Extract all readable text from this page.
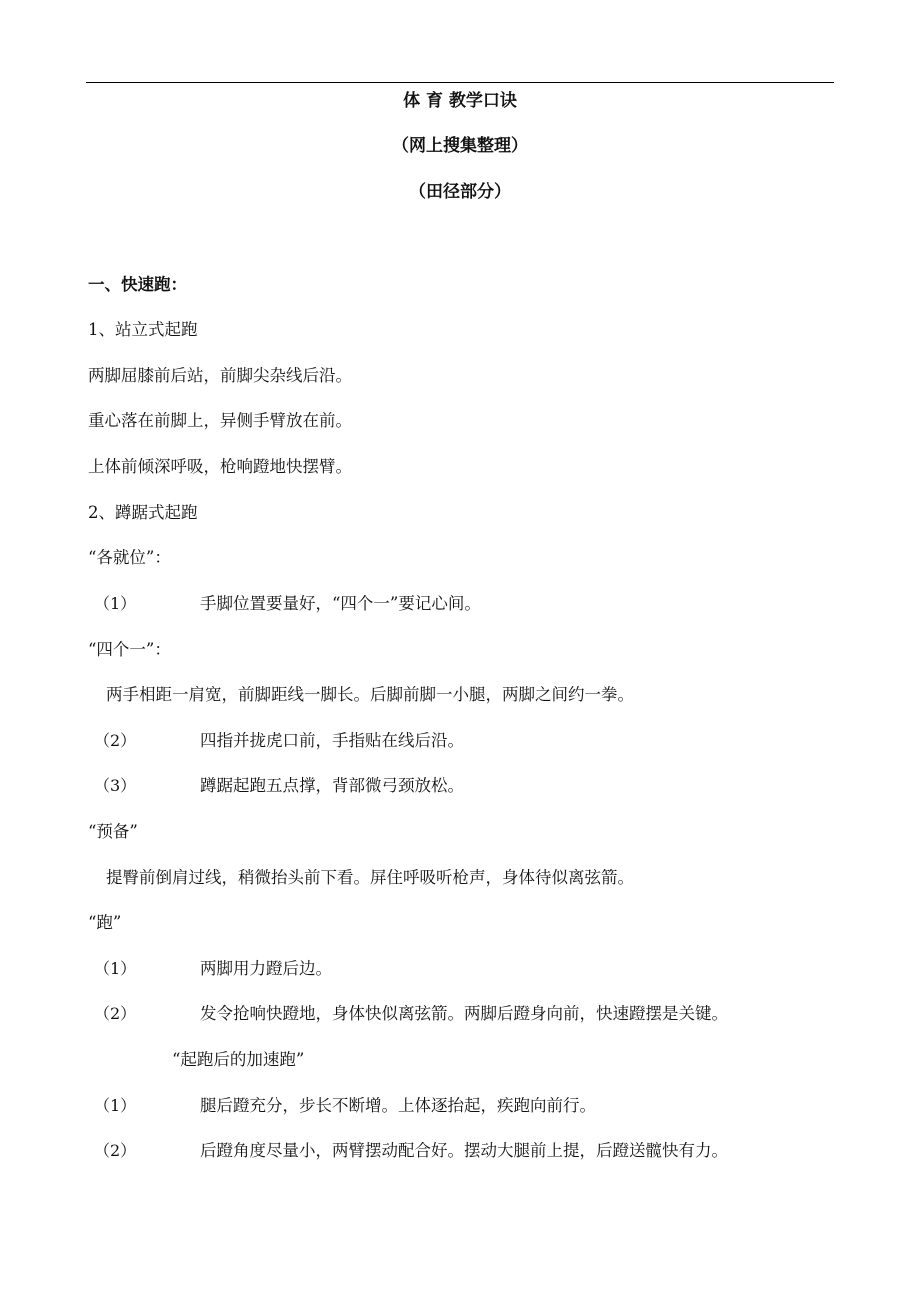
体 育 教学口诀
（网上搜集整理）
（田径部分）
一、快速跑：
1、站立式起跑
两脚屈膝前后站，前脚尖杂线后沿。
重心落在前脚上，异侧手臂放在前。
上体前倾深呼吸，枪响蹬地快摆臂。
2、蹲踞式起跑
“各就位”：
（1）	手脚位置要量好，“四个一”要记心间。
“四个一”：
两手相距一肩宽，前脚距线一脚长。后脚前脚一小腿，两脚之间约一拳。
（2）	四指并拢虎口前，手指贴在线后沿。
（3）	蹲踞起跑五点撑，背部微弓颈放松。
“预备”
提臀前倒肩过线，稍微抬头前下看。屏住呼吸听枪声，身体待似离弦箭。
“跑”
（1）	两脚用力蹬后边。
（2）	发令抢响快蹬地，身体快似离弦箭。两脚后蹬身向前，快速蹬摆是关键。
“起跑后的加速跑”
（1）	腿后蹬充分，步长不断增。上体逐抬起，疾跑向前行。
（2）	后蹬角度尽量小，两臂摆动配合好。摆动大腿前上提，后蹬送髋快有力。
